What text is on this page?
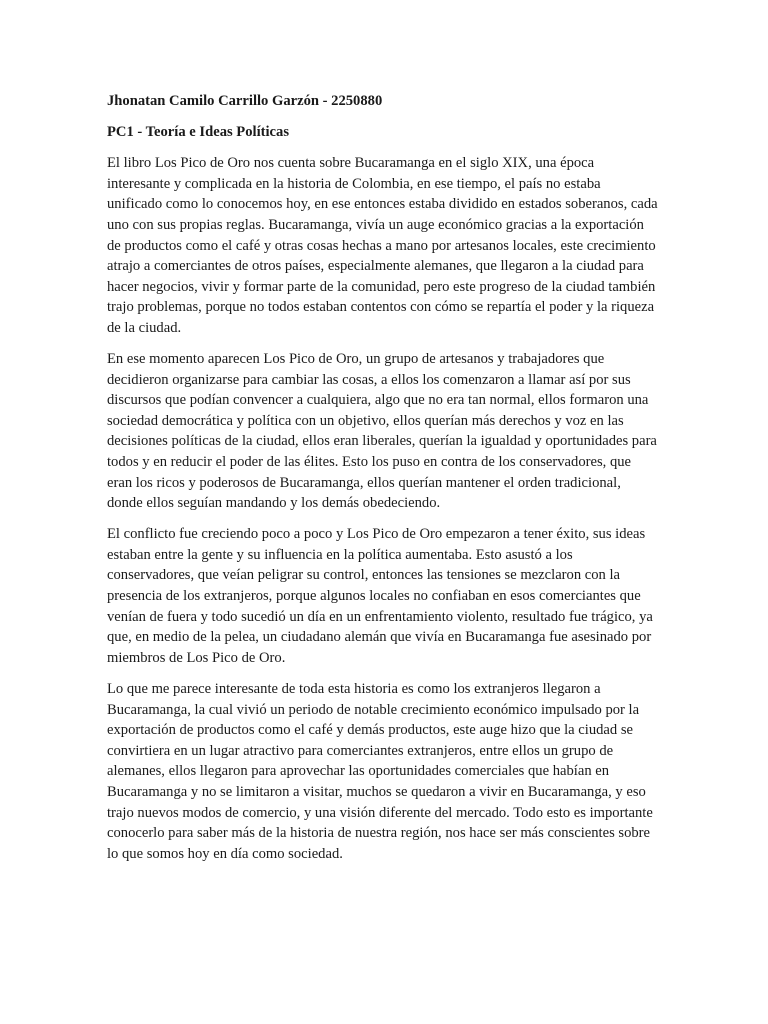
Jhonatan Camilo Carrillo Garzón - 2250880

PC1 - Teoría e Ideas Políticas

El libro Los Pico de Oro nos cuenta sobre Bucaramanga en el siglo XIX, una época interesante y complicada en la historia de Colombia, en ese tiempo, el país no estaba unificado como lo conocemos hoy, en ese entonces estaba dividido en estados soberanos, cada uno con sus propias reglas. Bucaramanga, vivía un auge económico gracias a la exportación de productos como el café y otras cosas hechas a mano por artesanos locales, este crecimiento atrajo a comerciantes de otros países, especialmente alemanes, que llegaron a la ciudad para hacer negocios, vivir y formar parte de la comunidad, pero este progreso de la ciudad también trajo problemas, porque no todos estaban contentos con cómo se repartía el poder y la riqueza de la ciudad.

En ese momento aparecen Los Pico de Oro, un grupo de artesanos y trabajadores que decidieron organizarse para cambiar las cosas, a ellos los comenzaron a llamar así por sus discursos que podían convencer a cualquiera, algo que no era tan normal, ellos formaron una sociedad democrática y política con un objetivo, ellos querían más derechos y voz en las decisiones políticas de la ciudad, ellos eran liberales, querían la igualdad y oportunidades para todos y en reducir el poder de las élites. Esto los puso en contra de los conservadores, que eran los ricos y poderosos de Bucaramanga, ellos querían mantener el orden tradicional, donde ellos seguían mandando y los demás obedeciendo.

El conflicto fue creciendo poco a poco y Los Pico de Oro empezaron a tener éxito, sus ideas estaban entre la gente y su influencia en la política aumentaba. Esto asustó a los conservadores, que veían peligrar su control, entonces las tensiones se mezclaron con la presencia de los extranjeros, porque algunos locales no confiaban en esos comerciantes que venían de fuera y todo sucedió un día en un enfrentamiento violento, resultado fue trágico, ya que, en medio de la pelea, un ciudadano alemán que vivía en Bucaramanga fue asesinado por miembros de Los Pico de Oro.

Lo que me parece interesante de toda esta historia es como los extranjeros llegaron a Bucaramanga, la cual vivió un periodo de notable crecimiento económico impulsado por la exportación de productos como el café y demás productos, este auge hizo que la ciudad se convirtiera en un lugar atractivo para comerciantes extranjeros, entre ellos un grupo de alemanes, ellos llegaron para aprovechar las oportunidades comerciales que habían en Bucaramanga y no se limitaron a visitar, muchos se quedaron a vivir en Bucaramanga, y eso trajo nuevos modos de comercio, y una visión diferente del mercado. Todo esto es importante conocerlo para saber más de la historia de nuestra región, nos hace ser más conscientes sobre lo que somos hoy en día como sociedad.
